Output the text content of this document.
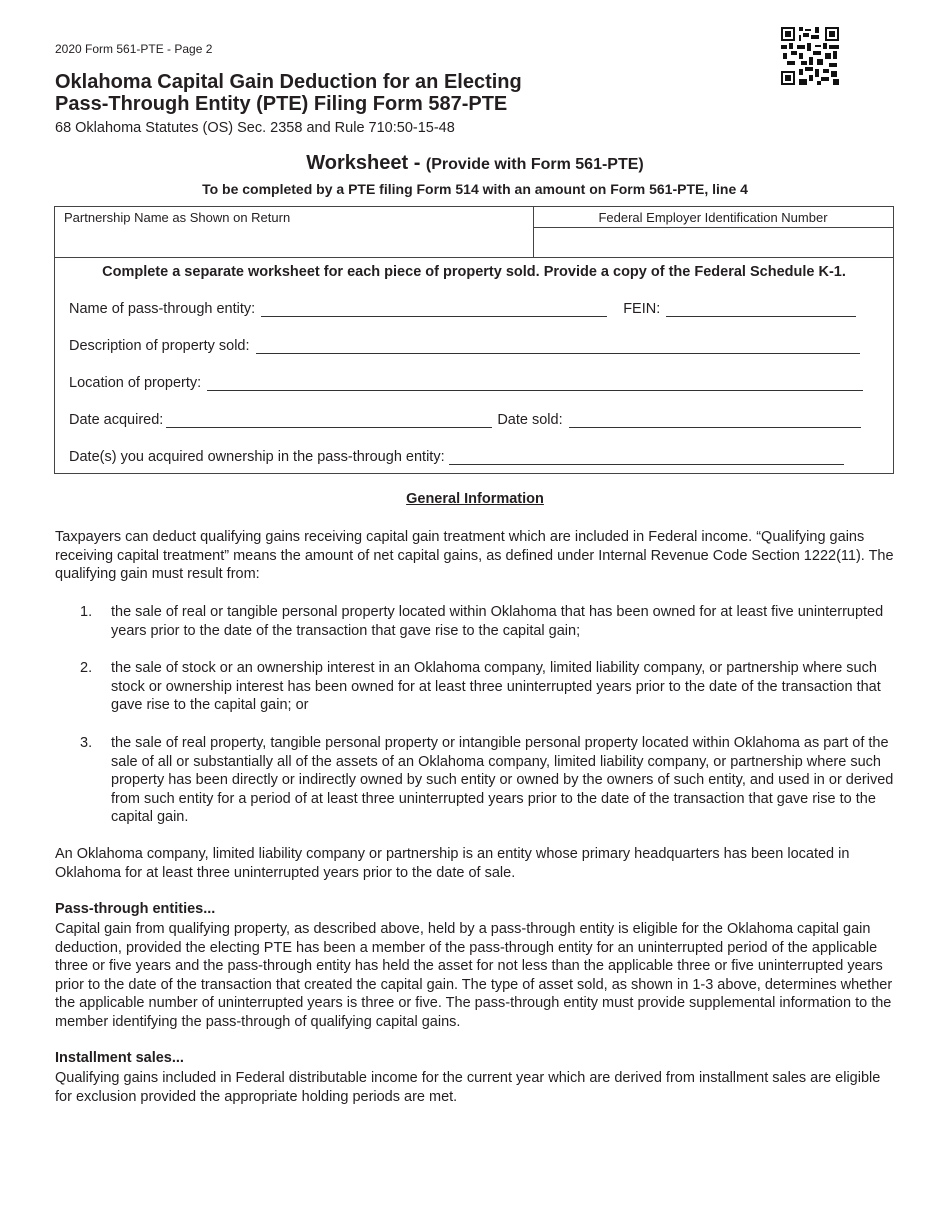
2020 Form 561-PTE - Page 2
Oklahoma Capital Gain Deduction for an Electing
Pass-Through Entity (PTE) Filing Form 587-PTE
68 Oklahoma Statutes (OS) Sec. 2358 and Rule 710:50-15-48
Worksheet - (Provide with Form 561-PTE)
To be completed by a PTE filing Form 514 with an amount on Form 561-PTE, line 4
Partnership Name as Shown on Return	Federal Employer Identification Number
Complete a separate worksheet for each piece of property sold. Provide a copy of the Federal Schedule K-1.
Name of pass-through entity:	FEIN:
Description of property sold:
Location of property:
Date acquired:	Date sold:
Date(s) you acquired ownership in the pass-through entity:
General Information
Taxpayers can deduct qualifying gains receiving capital gain treatment which are included in Federal income. “Qualifying gains receiving capital treatment” means the amount of net capital gains, as defined under Internal Revenue Code Section 1222(11). The qualifying gain must result from:
1.	the sale of real or tangible personal property located within Oklahoma that has been owned for at least five uninterrupted years prior to the date of the transaction that gave rise to the capital gain;
2.	the sale of stock or an ownership interest in an Oklahoma company, limited liability company, or partnership where such stock or ownership interest has been owned for at least three uninterrupted years prior to the date of the transaction that gave rise to the capital gain; or
3.	the sale of real property, tangible personal property or intangible personal property located within Oklahoma as part of the sale of all or substantially all of the assets of an Oklahoma company, limited liability company, or partnership where such property has been directly or indirectly owned by such entity or owned by the owners of such entity, and used in or derived from such entity for a period of at least three uninterrupted years prior to the date of the transaction that gave rise to the capital gain.
An Oklahoma company, limited liability company or partnership is an entity whose primary headquarters has been located in Oklahoma for at least three uninterrupted years prior to the date of sale.
Pass-through entities...
Capital gain from qualifying property, as described above, held by a pass-through entity is eligible for the Oklahoma capital gain deduction, provided the electing PTE has been a member of the pass-through entity for an uninterrupted period of the applicable three or five years and the pass-through entity has held the asset for not less than the applicable three or five uninterrupted years prior to the date of the transaction that created the capital gain. The type of asset sold, as shown in 1-3 above, determines whether the applicable number of uninterrupted years is three or five. The pass-through entity must provide supplemental information to the member identifying the pass-through of qualifying capital gains.
Installment sales...
Qualifying gains included in Federal distributable income for the current year which are derived from installment sales are eligible for exclusion provided the appropriate holding periods are met.
